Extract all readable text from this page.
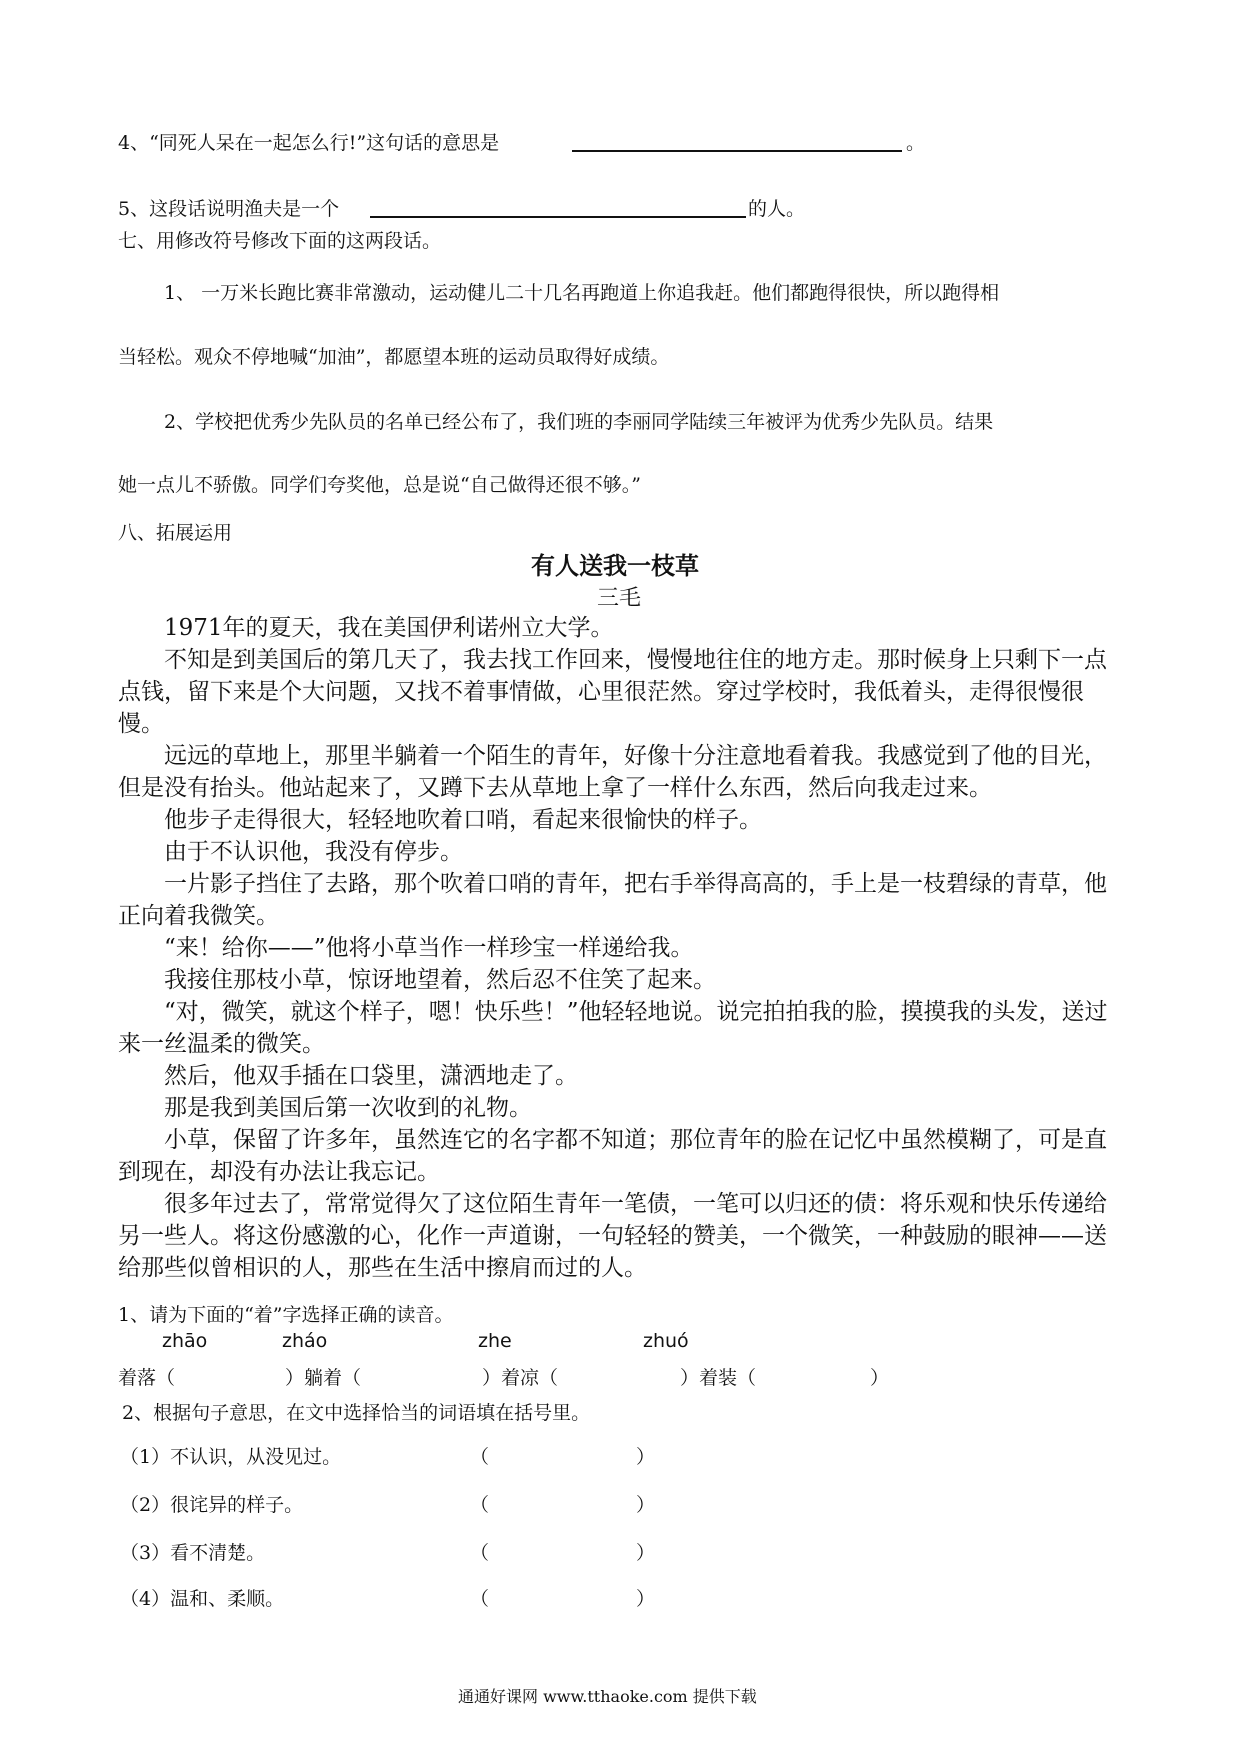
4、“同死人呆在一起怎么行!”这句话的意思是	。
5、这段话说明渔夫是一个	的人。
七、用修改符号修改下面的这两段话。
1、 一万米长跑比赛非常激动，运动健儿二十几名再跑道上你追我赶。他们都跑得很快，所以跑得相
当轻松。观众不停地喊“加油”，都愿望本班的运动员取得好成绩。
2、学校把优秀少先队员的名单已经公布了，我们班的李丽同学陆续三年被评为优秀少先队员。结果
她一点儿不骄傲。同学们夸奖他，总是说“自己做得还很不够。”
八、拓展运用
有人送我一枝草
三毛
1971年的夏天，我在美国伊利诺州立大学。
不知是到美国后的第几天了，我去找工作回来，慢慢地往住的地方走。那时候身上只剩下一点点钱，留下来是个大问题，又找不着事情做，心里很茫然。穿过学校时，我低着头，走得很慢很慢。
远远的草地上，那里半躺着一个陌生的青年，好像十分注意地看着我。我感觉到了他的目光，但是没有抬头。他站起来了，又蹲下去从草地上拿了一样什么东西，然后向我走过来。
他步子走得很大，轻轻地吹着口哨，看起来很愉快的样子。
由于不认识他，我没有停步。
一片影子挡住了去路，那个吹着口哨的青年，把右手举得高高的，手上是一枝碧绿的青草，他正向着我微笑。
“来！给你——”他将小草当作一样珍宝一样递给我。
我接住那枝小草，惊讶地望着，然后忍不住笑了起来。
“对，微笑，就这个样子，嗯！快乐些！”他轻轻地说。说完拍拍我的脸，摸摸我的头发，送过来一丝温柔的微笑。
然后，他双手插在口袋里，潇洒地走了。
那是我到美国后第一次收到的礼物。
小草，保留了许多年，虽然连它的名字都不知道；那位青年的脸在记忆中虽然模糊了，可是直到现在，却没有办法让我忘记。
很多年过去了，常常觉得欠了这位陌生青年一笔债，一笔可以归还的债：将乐观和快乐传递给另一些人。将这份感激的心，化作一声道谢，一句轻轻的赞美，一个微笑，一种鼓励的眼神——送给那些似曾相识的人，那些在生活中擦肩而过的人。
1、请为下面的“着”字选择正确的读音。
zhāo	zháo	zhe	zhuó
着落（	）躺着（	）着凉（	）着装（	）
2、根据句子意思，在文中选择恰当的词语填在括号里。
（1）不认识，从没见过。	（	）
（2）很诧异的样子。	（	）
（3）看不清楚。	（	）
（4）温和、柔顺。	（	）
通通好课网 www.tthaoke.com 提供下载
